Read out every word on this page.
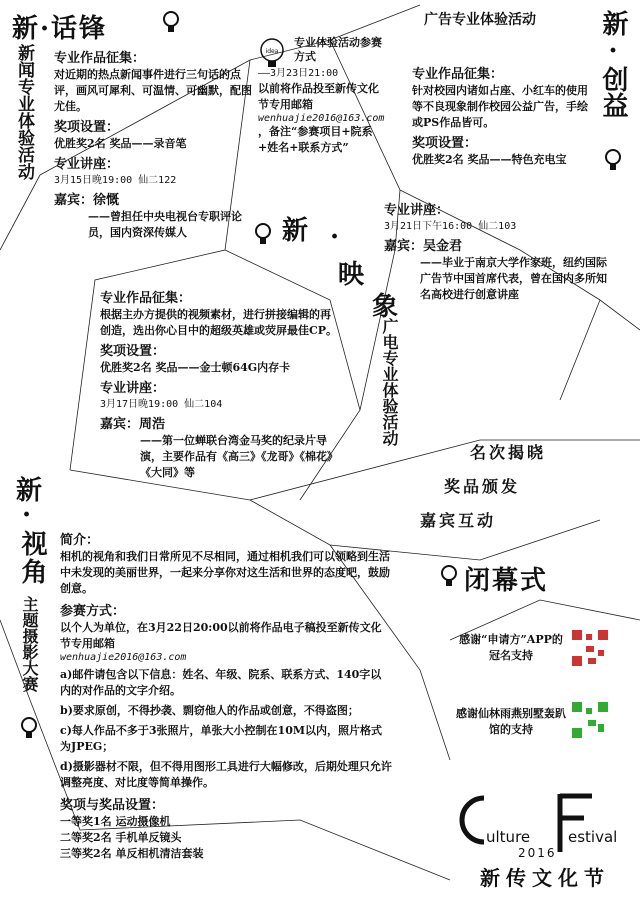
新·话锋
新闻专业体验活动 专业作品征集：
对近期的热点新闻事件进行三句话的点评，画风可犀利、可温情、可幽默，配图尤佳。
奖项设置：
优胜奖2名 奖品——录音笔
专业讲座：
3月15日晚19:00 仙二122
嘉宾：徐慨
——曾担任中央电视台专职评论员，国内资深传媒人
idea
专业体验活动参赛方式
——3月23日21:00
以前将作品投至新传文化节专用邮箱
wenhuajie2016@163.com
，备注“参赛项目+院系+姓名+联系方式”
广告专业体验活动 新·创益
专业作品征集：
针对校园内诸如占座、小红车的使用等不良现象制作校园公益广告，手绘或PS作品皆可。
奖项设置：
优胜奖2名 奖品——特色充电宝
专业讲座：
3月21日下午16:00 仙二103
嘉宾：吴金君
——毕业于南京大学作家班，纽约国际广告节中国首席代表，曾在国内多所知名高校进行创意讲座
新 ·
映
象
广电专业体验活动
专业作品征集：
根据主办方提供的视频素材，进行拼接编辑的再创造，选出你心目中的超级英雄或荧屏最佳CP。
奖项设置：
优胜奖2名 奖品——金士顿64G内存卡
专业讲座：
3月17日晚19:00 仙二104
嘉宾：周浩
——第一位蝉联台湾金马奖的纪录片导演，主要作品有《高三》《龙哥》《棉花》《大同》等
名次揭晓
奖品颁发
嘉宾互动
闭幕式
感谢“申请方”APP的冠名支持
感谢仙林雨燕别墅轰趴馆的支持
新
·
视角
主题摄影大赛
简介：
相机的视角和我们日常所见不尽相同，通过相机我们可以领略到生活中未发现的美丽世界，一起来分享你对这生活和世界的态度吧，鼓励创意。
参赛方式：
以个人为单位，在3月22日20:00以前将作品电子稿投至新传文化节专用邮箱
wenhuajie2016@163.com
a)邮件请包含以下信息：姓名、年级、院系、联系方式、140字以内的对作品的文字介绍。
b)要求原创，不得抄袭、剽窃他人的作品或创意，不得盗图；
c)每人作品不多于3张照片，单张大小控制在10M以内，照片格式为JPEG；
d)摄影器材不限，但不得用图形工具进行大幅修改，后期处理只允许调整亮度、对比度等简单操作。
奖项与奖品设置：
一等奖1名 运动摄像机
二等奖2名 手机单反镜头
三等奖2名 单反相机清洁套装
ulture	estival
2016
新传文化节
